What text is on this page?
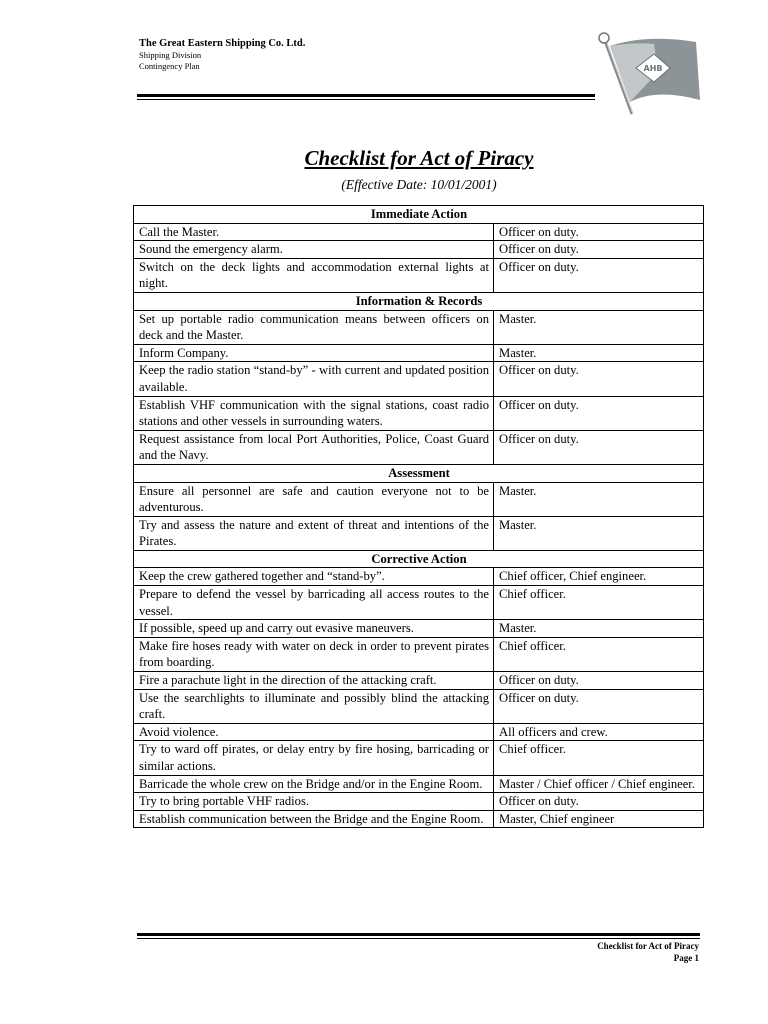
The Great Eastern Shipping Co. Ltd.
Shipping Division
Contingency Plan	AHB
Checklist for Act of Piracy
(Effective Date: 10/01/2001)
Immediate Action	
Call the Master.	Officer on duty.
Sound the emergency alarm.	Officer on duty.
Switch on the deck lights and accommodation external lights at night.	Officer on duty.
Information & Records	
Set up portable radio communication means between officers on deck and the Master.	Master.
Inform Company.	Master.
Keep the radio station “stand-by” - with current and updated position available.	Officer on duty.
Establish VHF communication with the signal stations, coast radio stations and other vessels in surrounding waters.	Officer on duty.
Request assistance from local Port Authorities, Police, Coast Guard and the Navy.	Officer on duty.
Assessment	
Ensure all personnel are safe and caution everyone not to be adventurous.	Master.
Try and assess the nature and extent of threat and intentions of the Pirates.	Master.
Corrective Action	
Keep the crew gathered together and “stand-by”.	Chief officer, Chief engineer.
Prepare to defend the vessel by barricading all access routes to the vessel.	Chief officer.
If possible, speed up and carry out evasive maneuvers.	Master.
Make fire hoses ready with water on deck in order to prevent pirates from boarding.	Chief officer.
Fire a parachute light in the direction of the attacking craft.	Officer on duty.
Use the searchlights to illuminate and possibly blind the attacking craft.	Officer on duty.
Avoid violence.	All officers and crew.
Try to ward off pirates, or delay entry by fire hosing, barricading or similar actions.	Chief officer.
Barricade the whole crew on the Bridge and/or in the Engine Room.	Master / Chief officer / Chief engineer.
Try to bring portable VHF radios.	Officer on duty.
Establish communication between the Bridge and the Engine Room.	Master, Chief engineer
Checklist for Act of Piracy
Page 1
